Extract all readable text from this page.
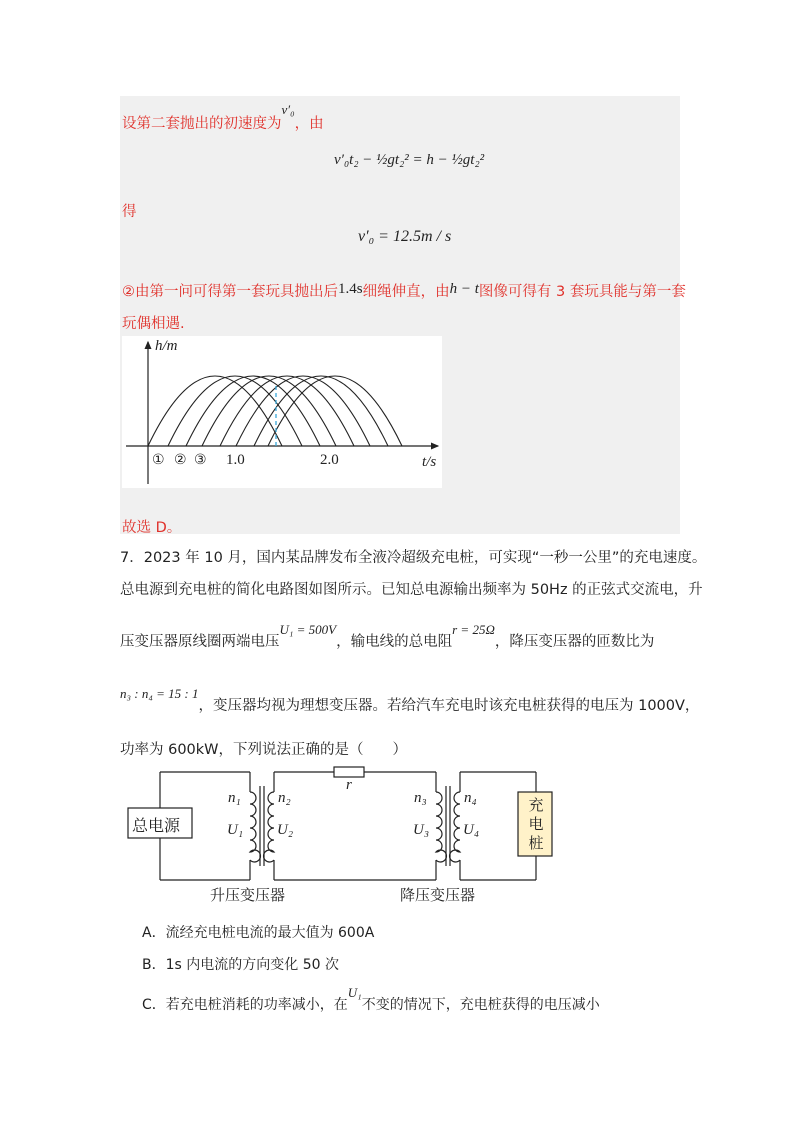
设第二套抛出的初速度为v′₀，由
v′₀t₂ − ½gt₂² = h − ½gt₂²
得
v′₀ = 12.5m / s
②由第一问可得第一套玩具抛出后1.4s细绳伸直，由h − t图像可得有 3 套玩具能与第一套
玩偶相遇.
h/m
t/s
① ② ③ 1.0	2.0
故选 D。
7．2023 年 10 月，国内某品牌发布全液冷超级充电桩，可实现“一秒一公里”的充电速度。
总电源到充电桩的简化电路图如图所示。已知总电源输出频率为 50Hz 的正弦式交流电，升
压变压器原线圈两端电压U₁ = 500V，输电线的总电阻r = 25Ω，降压变压器的匝数比为
n₃ : n₄ = 15 : 1，变压器均视为理想变压器。若给汽车充电时该充电桩获得的电压为 1000V，
功率为 600kW，下列说法正确的是（　　）
总电源
充电桩
n₁
U₁
n₂
U₂
r
n₃
U₃
n₄
U₄
升压变压器	降压变压器
A．流经充电桩电流的最大值为 600A
B．1s 内电流的方向变化 50 次
C．若充电桩消耗的功率减小，在U₁不变的情况下，充电桩获得的电压减小
